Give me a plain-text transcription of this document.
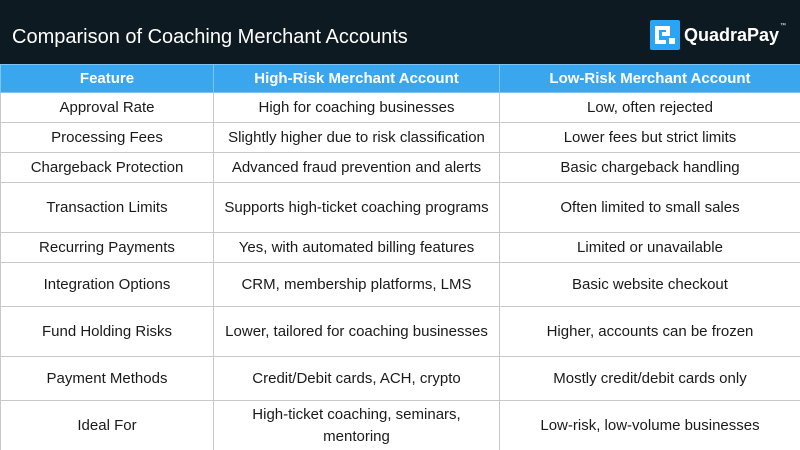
Comparison of Coaching Merchant Accounts	QuadraPay ™
Feature	High-Risk Merchant Account	Low-Risk Merchant Account
Approval Rate	High for coaching businesses	Low, often rejected
Processing Fees	Slightly higher due to risk classification	Lower fees but strict limits
Chargeback Protection	Advanced fraud prevention and alerts	Basic chargeback handling
Transaction Limits	Supports high-ticket coaching programs	Often limited to small sales
Recurring Payments	Yes, with automated billing features	Limited or unavailable
Integration Options	CRM, membership platforms, LMS	Basic website checkout
Fund Holding Risks	Lower, tailored for coaching businesses	Higher, accounts can be frozen
Payment Methods	Credit/Debit cards, ACH, crypto	Mostly credit/debit cards only
Ideal For	High-ticket coaching, seminars, mentoring	Low-risk, low-volume businesses
